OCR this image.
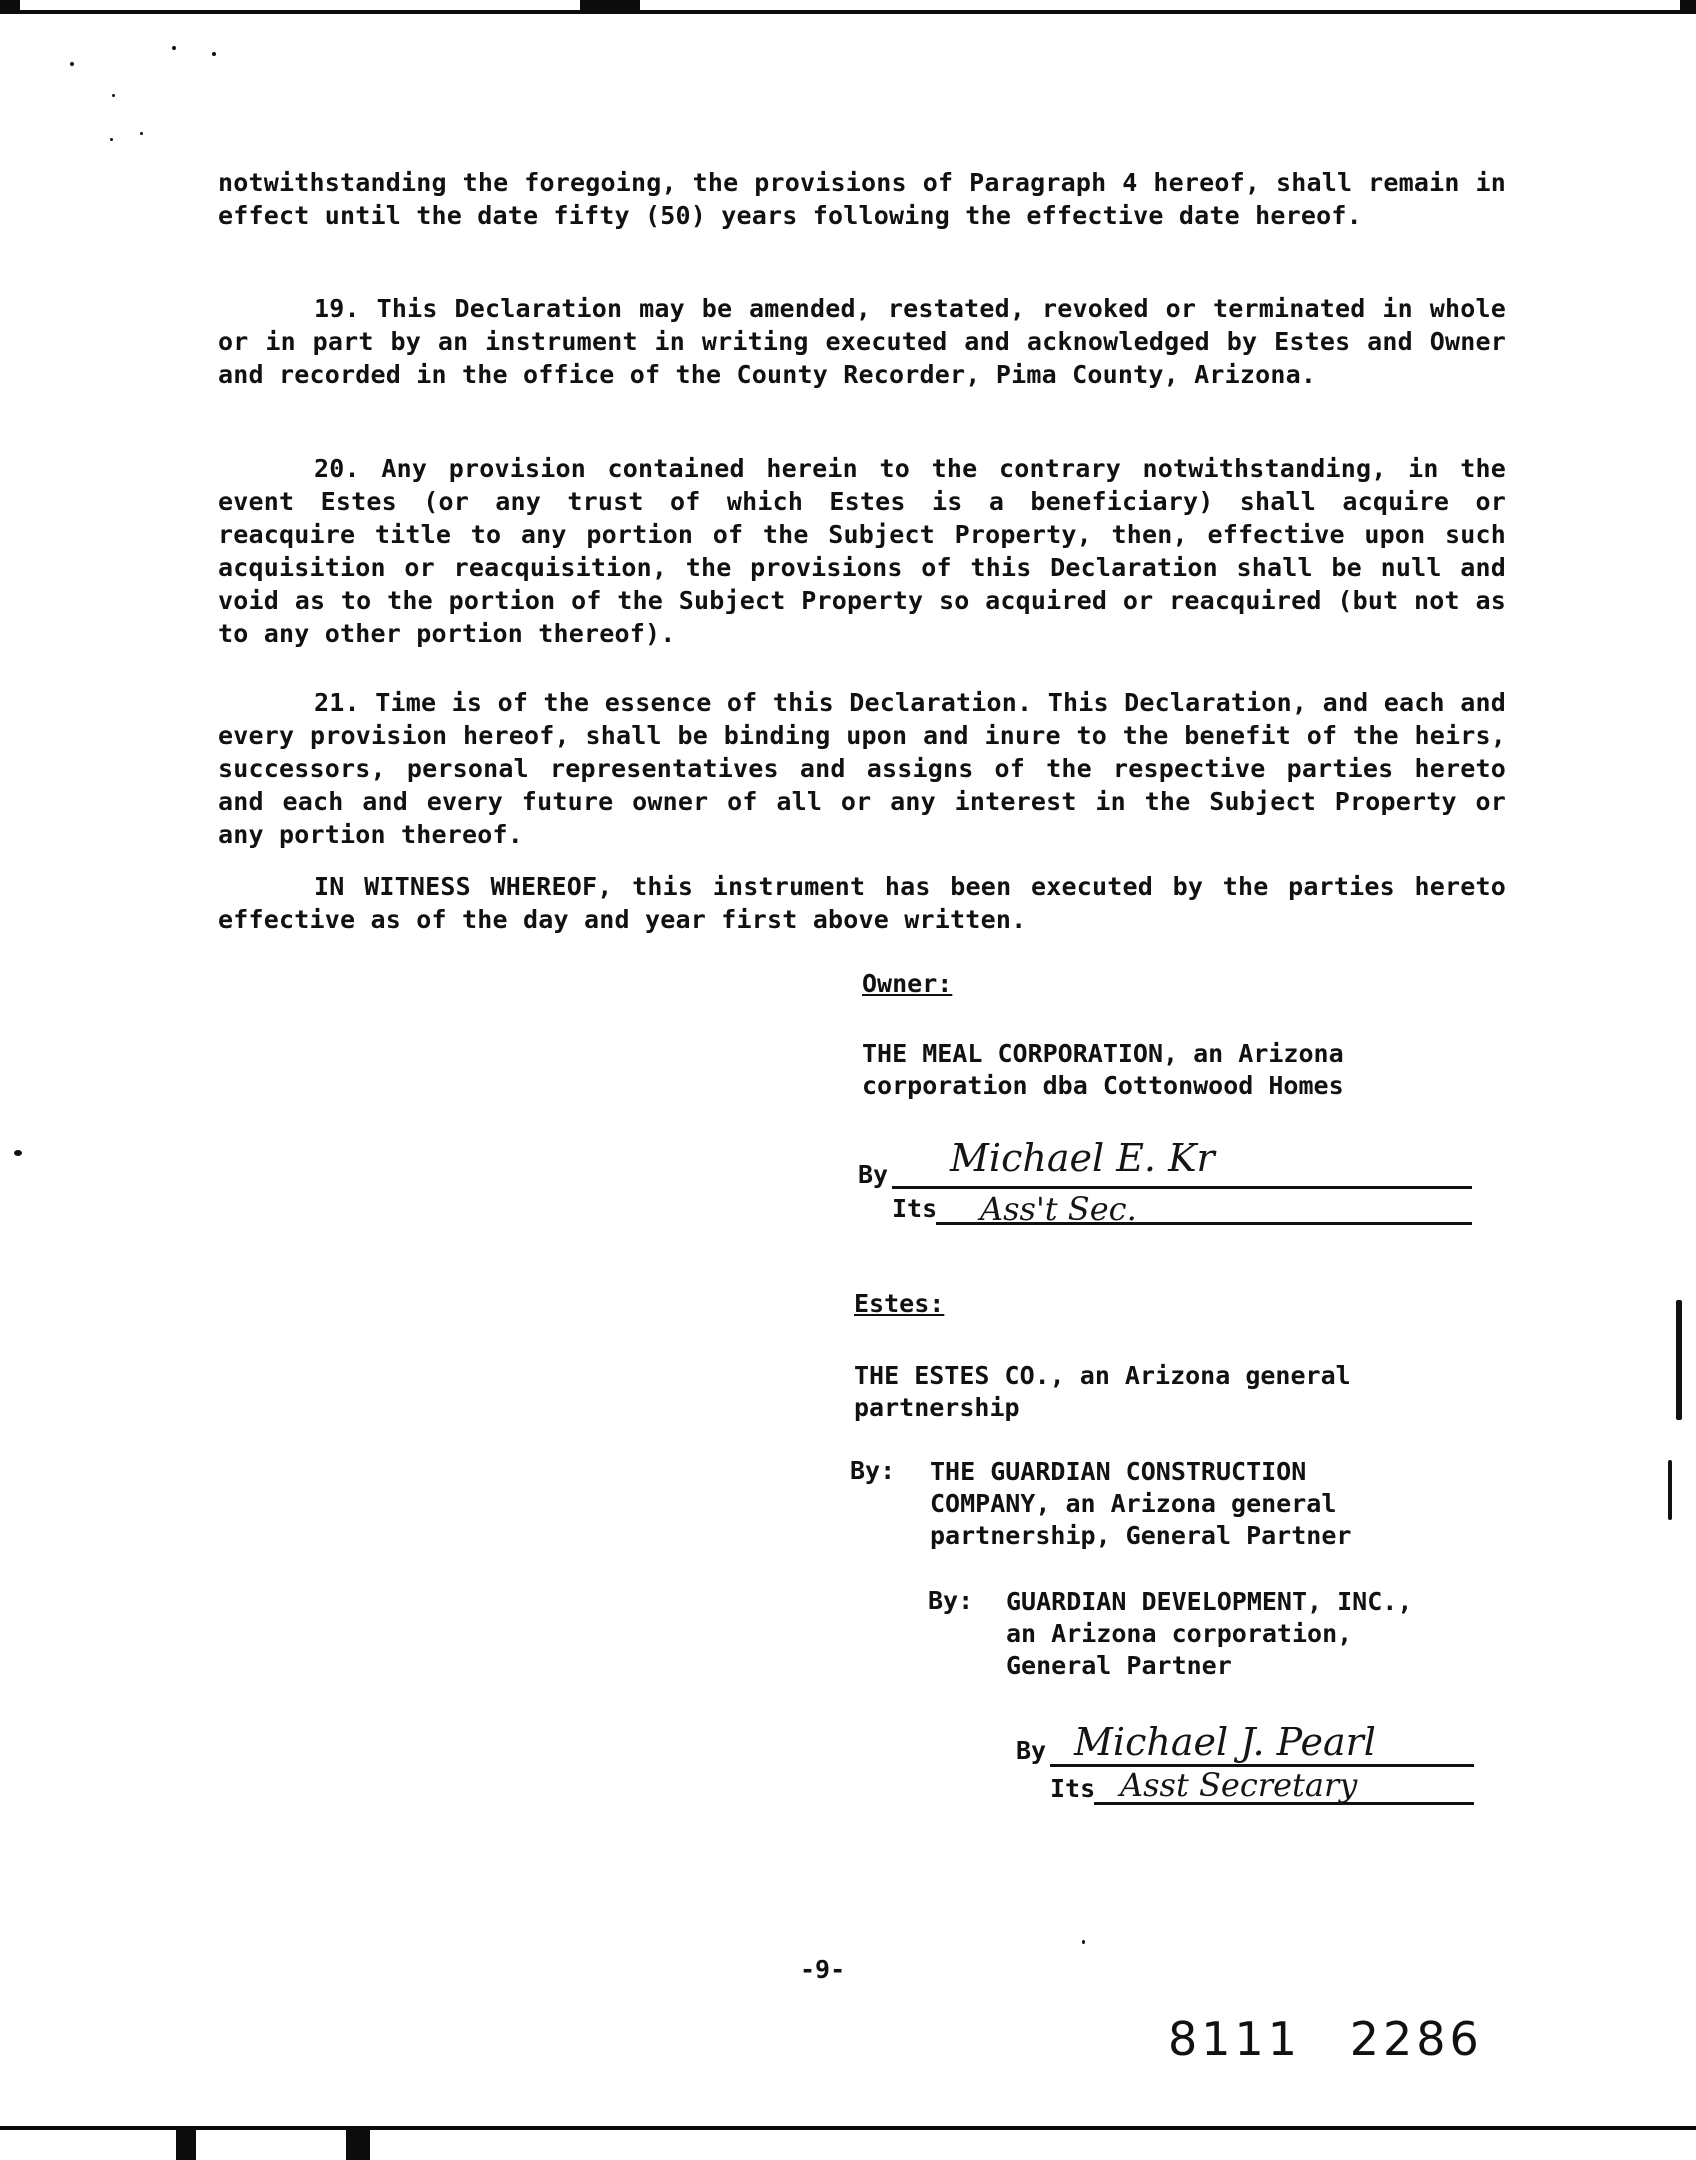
notwithstanding the foregoing, the provisions of Paragraph 4 hereof, shall remain in effect until the date fifty (50) years following the effective date hereof.
19. This Declaration may be amended, restated, revoked or terminated in whole or in part by an instrument in writing executed and acknowledged by Estes and Owner and recorded in the office of the County Recorder, Pima County, Arizona.
20. Any provision contained herein to the contrary notwithstanding, in the event Estes (or any trust of which Estes is a beneficiary) shall acquire or reacquire title to any portion of the Subject Property, then, effective upon such acquisition or reacquisition, the provisions of this Declaration shall be null and void as to the portion of the Subject Property so acquired or reacquired (but not as to any other portion thereof).
21. Time is of the essence of this Declaration. This Declaration, and each and every provision hereof, shall be binding upon and inure to the benefit of the heirs, successors, personal representatives and assigns of the respective parties hereto and each and every future owner of all or any interest in the Subject Property or any portion thereof.
IN WITNESS WHEREOF, this instrument has been executed by the parties hereto effective as of the day and year first above written.
Owner:
THE MEAL CORPORATION, an Arizona
corporation dba Cottonwood Homes
By Michael E. Kr
Its Ass't Sec.
Estes:
THE ESTES CO., an Arizona general
partnership
By: THE GUARDIAN CONSTRUCTION
COMPANY, an Arizona general
partnership, General Partner
By: GUARDIAN DEVELOPMENT, INC.,
an Arizona corporation,
General Partner
By Michael J. Pearl
Its Asst Secretary
-9-
8111 2286
